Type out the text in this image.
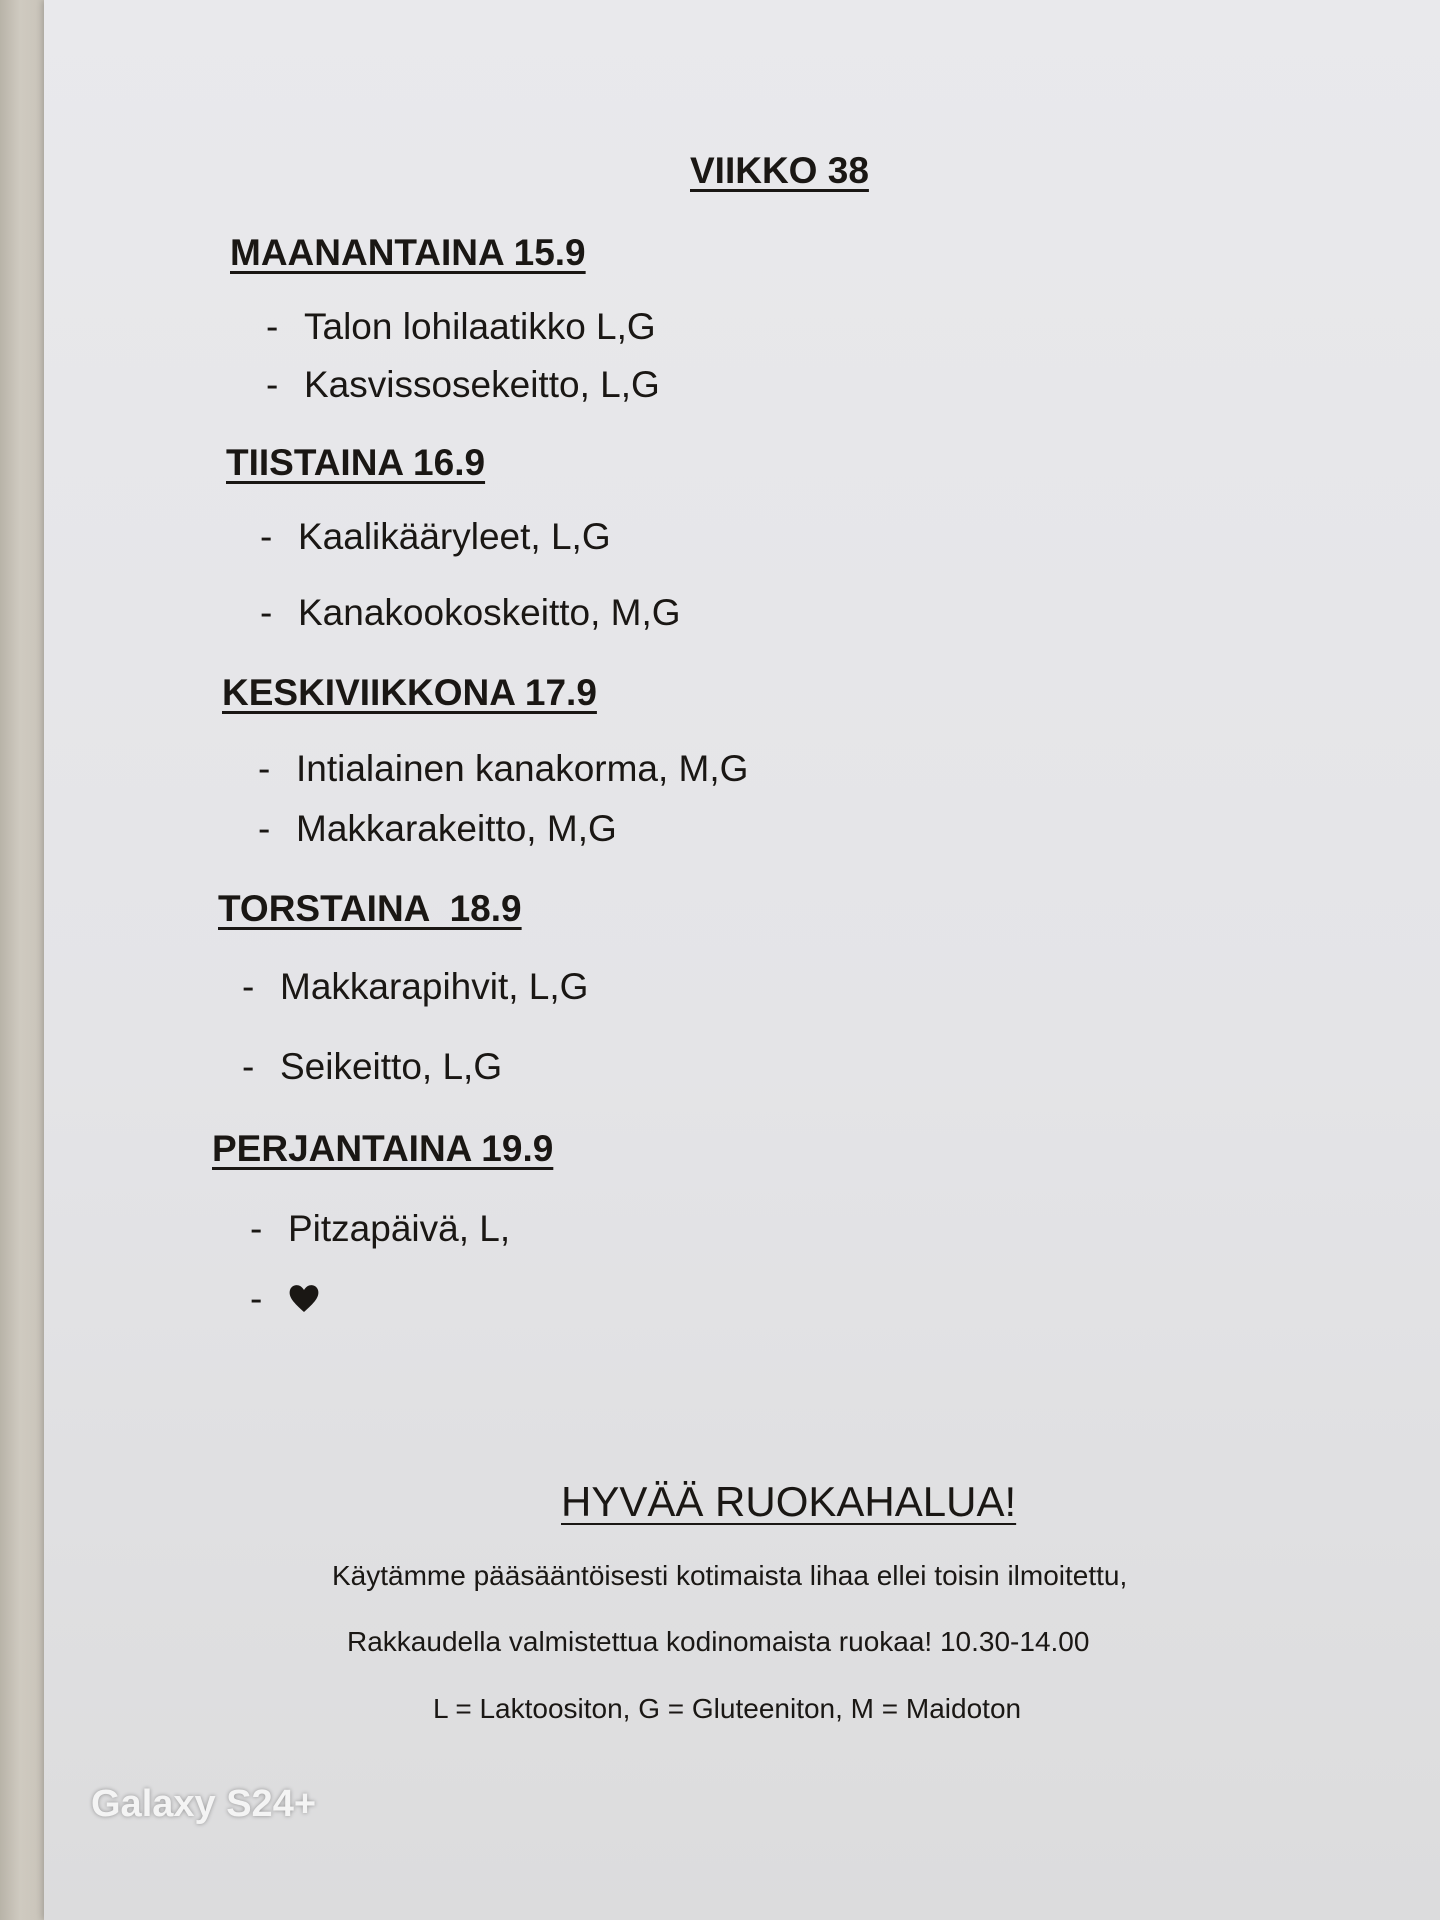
VIIKKO 38
MAANANTAINA 15.9
- Talon lohilaatikko L,G
- Kasvissosekeitto, L,G
TIISTAINA 16.9
- Kaalikääryleet, L,G
- Kanakookoskeitto, M,G
KESKIVIIKKONA 17.9
- Intialainen kanakorma, M,G
- Makkarakeitto, M,G
TORSTAINA  18.9
- Makkarapihvit, L,G
- Seikeitto, L,G
PERJANTAINA 19.9
- Pitzapäivä, L,
-
HYVÄÄ RUOKAHALUA!
Käytämme pääsääntöisesti kotimaista lihaa ellei toisin ilmoitettu,
Rakkaudella valmistettua kodinomaista ruokaa! 10.30-14.00
L = Laktoositon, G = Gluteeniton, M = Maidoton
Galaxy S24+
